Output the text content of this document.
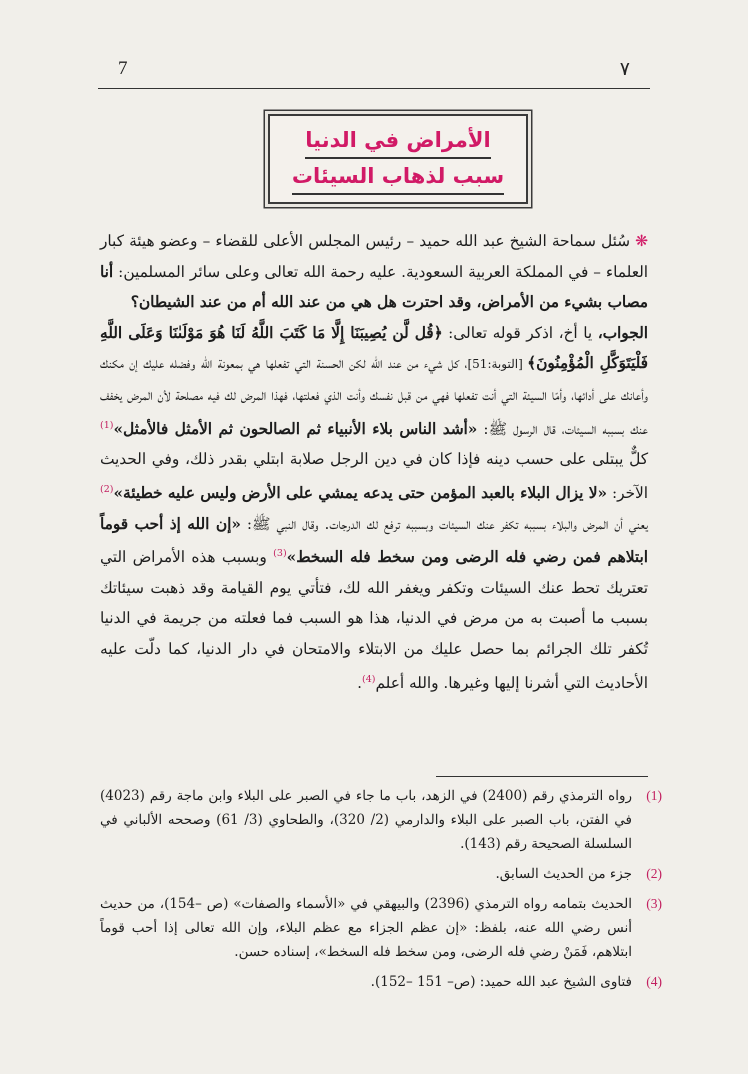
7	٧
الأمراض في الدنيا
سبب لذهاب السيئات

❋ سُئل سماحة الشيخ عبد الله حميد – رئيس المجلس الأعلى للقضاء – وعضو هيئة كبار العلماء – في المملكة العربية السعودية. عليه رحمة الله تعالى وعلى سائر المسلمين: أنا مصاب بشيء من الأمراض، وقد احترت هل هي من عند الله أم من عند الشيطان؟

الجواب، يا أخ، اذكر قوله تعالى: ﴿قُل لَّن يُصِيبَنَا إِلَّا مَا كَتَبَ اللَّهُ لَنَا هُوَ مَوْلَىٰنَا وَعَلَى اللَّهِ فَلْيَتَوَكَّلِ الْمُؤْمِنُونَ﴾ [التوبة:51]، كل شيء من عند الله لكن الحسنة التي تفعلها هي بمعونة الله وفضله عليك إن مكنك وأعانك على أدائها، وأمّا السيئة التي أنت تفعلها فهي من قبل نفسك وأنت الذي فعلتها، فهذا المرض لك فيه مصلحة لأن المرض يخفف عنك بسببه السيئات، قال الرسول ﷺ: «أشد الناس بلاء الأنبياء ثم الصالحون ثم الأمثل فالأمثل»$^{(1)}$ كلٌّ يبتلى على حسب دينه فإذا كان في دين الرجل صلابة ابتلي بقدر ذلك، وفي الحديث الآخر: «لا يزال البلاء بالعبد المؤمن حتى يدعه يمشي على الأرض وليس عليه خطيئة»$^{(2)}$ يعني أن المرض والبلاء بسببه تكفر عنك السيئات وبسببه ترفع لك الدرجات. وقال النبي ﷺ: «إن الله إذ أحب قوماً ابتلاهم فمن رضي فله الرضى ومن سخط فله السخط»$^{(3)}$ وبسبب هذه الأمراض التي تعتريك تحط عنك السيئات وتكفر ويغفر الله لك، فتأتي يوم القيامة وقد ذهبت سيئاتك بسبب ما أصبت به من مرض في الدنيا، هذا هو السبب فما فعلته من جريمة في الدنيا تُكفر تلك الجرائم بما حصل عليك من الابتلاء والامتحان في دار الدنيا، كما دلّت عليه الأحاديث التي أشرنا إليها وغيرها. والله أعلم$^{(4)}$.

(1)
رواه الترمذي رقم (2400) في الزهد، باب ما جاء في الصبر على البلاء وابن ماجة رقم (4023) في الفتن، باب الصبر على البلاء والدارمي (2/ 320)، والطحاوي (3/ 61) وصححه الألباني في السلسلة الصحيحة رقم (143).
(2)
جزء من الحديث السابق.
(3)
الحديث بتمامه رواه الترمذي (2396) والبيهقي في «الأسماء والصفات» (ص –154)، من حديث أنس رضي الله عنه، بلفظ: «إن عظم الجزاء مع عظم البلاء، وإن الله تعالى إذا أحب قوماً ابتلاهم، فَمَنْ رضي فله الرضى، ومن سخط فله السخط»، إسناده حسن.
(4)
فتاوى الشيخ عبد الله حميد: (ص– 151 –152).
